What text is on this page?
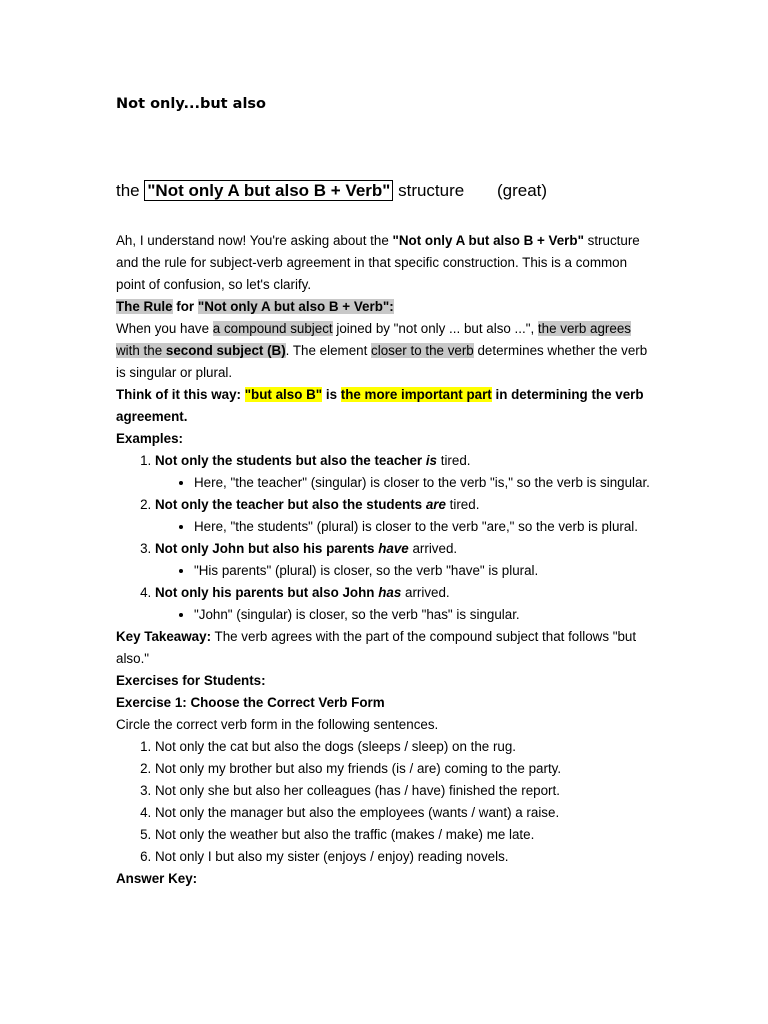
Not only...but also
the "Not only A but also B + Verb" structure (great)

Ah, I understand now! You're asking about the "Not only A but also B + Verb" structure and the rule for subject-verb agreement in that specific construction. This is a common point of confusion, so let's clarify.

The Rule for "Not only A but also B + Verb":

When you have a compound subject joined by "not only ... but also ...", the verb agrees with the second subject (B). The element closer to the verb determines whether the verb is singular or plural.

Think of it this way: "but also B" is the more important part in determining the verb agreement.

Examples:

1. Not only the students but also the teacher is tired.
• Here, "the teacher" (singular) is closer to the verb "is," so the verb is singular.
2. Not only the teacher but also the students are tired.
• Here, "the students" (plural) is closer to the verb "are," so the verb is plural.
3. Not only John but also his parents have arrived.
• "His parents" (plural) is closer, so the verb "have" is plural.
4. Not only his parents but also John has arrived.
• "John" (singular) is closer, so the verb "has" is singular.

Key Takeaway: The verb agrees with the part of the compound subject that follows "but also."

Exercises for Students:

Exercise 1: Choose the Correct Verb Form

Circle the correct verb form in the following sentences.

1. Not only the cat but also the dogs (sleeps / sleep) on the rug.
2. Not only my brother but also my friends (is / are) coming to the party.
3. Not only she but also her colleagues (has / have) finished the report.
4. Not only the manager but also the employees (wants / want) a raise.
5. Not only the weather but also the traffic (makes / make) me late.
6. Not only I but also my sister (enjoys / enjoy) reading novels.

Answer Key:
